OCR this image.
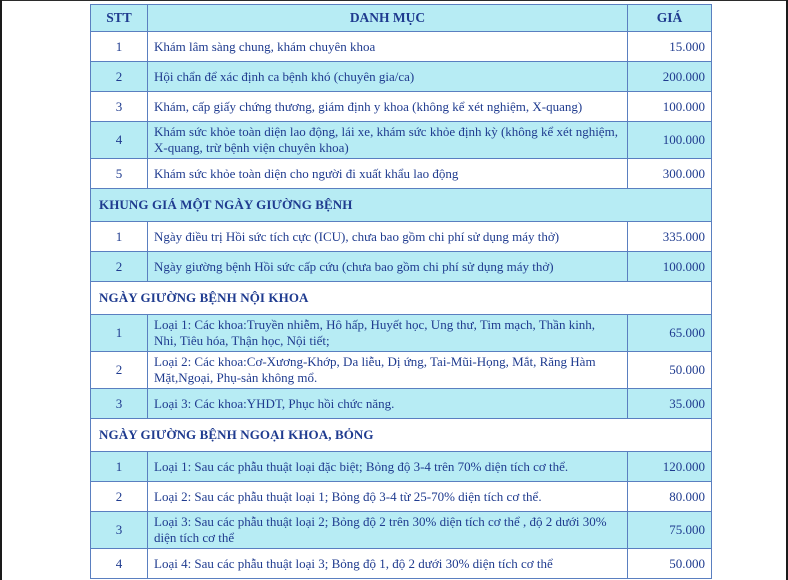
STT	DANH MỤC	GIÁ
1	Khám lâm sàng chung, khám chuyên khoa	15.000
2	Hội chẩn để xác định ca bệnh khó (chuyên gia/ca)	200.000
3	Khám, cấp giấy chứng thương, giám định y khoa (không kể xét nghiệm, X-quang)	100.000
4	Khám sức khỏe toàn diện lao động, lái xe, khám sức khỏe định kỳ (không kể xét nghiệm, X-quang, trừ bệnh viện chuyên khoa)	100.000
5	Khám sức khỏe toàn diện cho người đi xuất khẩu lao động	300.000
KHUNG GIÁ MỘT NGÀY GIƯỜNG BỆNH		
1	Ngày điều trị Hồi sức tích cực (ICU), chưa bao gồm chi phí sử dụng máy thở)	335.000
2	Ngày giường bệnh Hồi sức cấp cứu (chưa bao gồm chi phí sử dụng máy thở)	100.000
NGÀY GIƯỜNG BỆNH NỘI KHOA		
1	Loại 1: Các khoa:Truyền nhiễm, Hô hấp, Huyết học, Ung thư, Tim mạch, Thần kinh, Nhi, Tiêu hóa, Thận học, Nội tiết;	65.000
2	Loại 2: Các khoa:Cơ-Xương-Khớp, Da liễu, Dị ứng, Tai-Mũi-Họng, Mắt, Răng Hàm Mặt,Ngoại, Phụ-sản không mổ.	50.000
3	Loại 3: Các khoa:YHDT, Phục hồi chức năng.	35.000
NGÀY GIƯỜNG BỆNH NGOẠI KHOA, BỎNG		
1	Loại 1: Sau các phẫu thuật loại đặc biệt; Bỏng độ 3-4 trên 70% diện tích cơ thể.	120.000
2	Loại 2: Sau các phẫu thuật loại 1; Bỏng độ 3-4 từ 25-70% diện tích cơ thể.	80.000
3	Loại 3: Sau các phẫu thuật loại 2; Bỏng độ 2 trên 30% diện tích cơ thể , độ 2 dưới 30% diện tích cơ thể	75.000
4	Loại 4: Sau các phẫu thuật loại 3; Bỏng độ 1, độ 2 dưới 30% diện tích cơ thể	50.000
